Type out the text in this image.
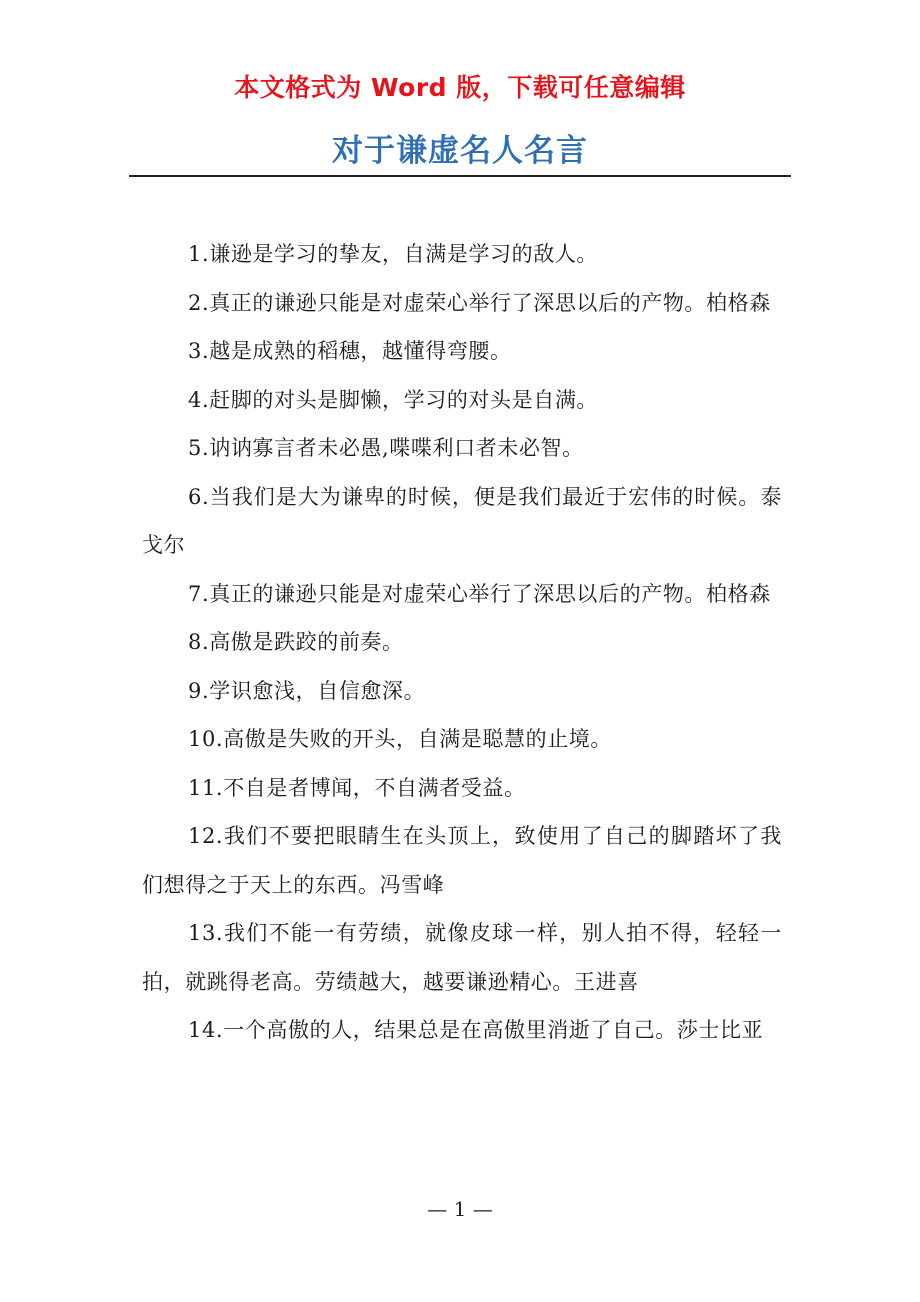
本文格式为 Word 版，下载可任意编辑
对于谦虚名人名言

1.谦逊是学习的挚友，自满是学习的敌人。

2.真正的谦逊只能是对虚荣心举行了深思以后的产物。柏格森

3.越是成熟的稻穗，越懂得弯腰。

4.赶脚的对头是脚懒，学习的对头是自满。

5.讷讷寡言者未必愚,喋喋利口者未必智。

6.当我们是大为谦卑的时候，便是我们最近于宏伟的时候。泰戈尔

7.真正的谦逊只能是对虚荣心举行了深思以后的产物。柏格森

8.高傲是跌跤的前奏。

9.学识愈浅，自信愈深。

10.高傲是失败的开头，自满是聪慧的止境。

11.不自是者博闻，不自满者受益。

12.我们不要把眼睛生在头顶上，致使用了自己的脚踏坏了我们想得之于天上的东西。冯雪峰

13.我们不能一有劳绩，就像皮球一样，别人拍不得，轻轻一拍，就跳得老高。劳绩越大，越要谦逊精心。王进喜

14.一个高傲的人，结果总是在高傲里消逝了自己。莎士比亚

— 1 —
